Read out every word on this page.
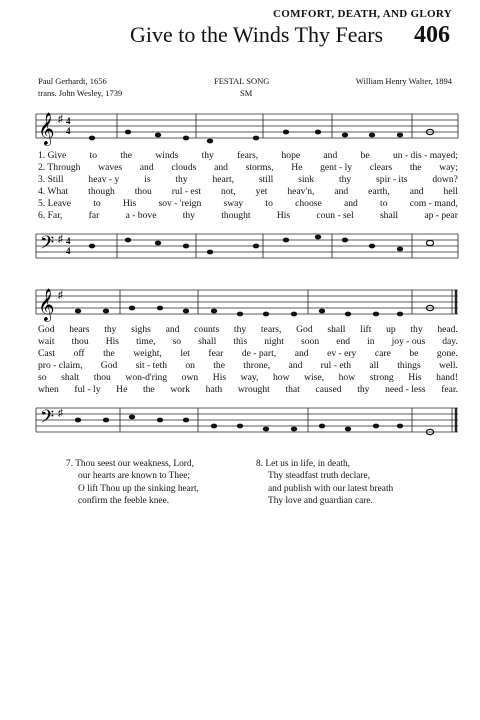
COMFORT, DEATH, AND GLORY
Give to the Winds Thy Fears 406
Paul Gerhardt, 1656
trans. John Wesley, 1739
FESTAL SONG
SM
William Henry Walter, 1894
𝄞 ♯ 4
4
1. Give to the winds thy fears, hope and be un - dis - mayed;
2. Through waves and clouds and storms, He gent - ly clears the way;
3. Still	heav - y	is	thy	heart,	still	sink	thy	spir - its	down?
4. What though thou rul - est not, yet heav'n, and earth, and hell
5. Leave to His sov - 'reign sway to choose and to com - mand,
6. Far,	far	a - bove	thy	thought	His	coun - sel	shall	ap - pear
𝄢 ♯ 4
4
𝄞 ♯
God hears thy sighs and counts thy tears, God shall lift up thy head.
wait thou His time, so shall this night soon end in joy - ous day.
Cast off the weight, let fear de - part, and ev - ery care be gone.
pro - claim, God sit - teth on the throne, and rul - eth all things well.
so shalt thou won-d'ring own His way, how wise, how strong His hand!
when ful - ly He the work hath wrought that caused thy need - less fear.
𝄢 ♯
7. Thou seest our weakness, Lord,
our hearts are known to Thee;
O lift Thou up the sinking heart,
confirm the feeble knee.
8. Let us in life, in death,
Thy steadfast truth declare,
and publish with our latest breath
Thy love and guardian care.
